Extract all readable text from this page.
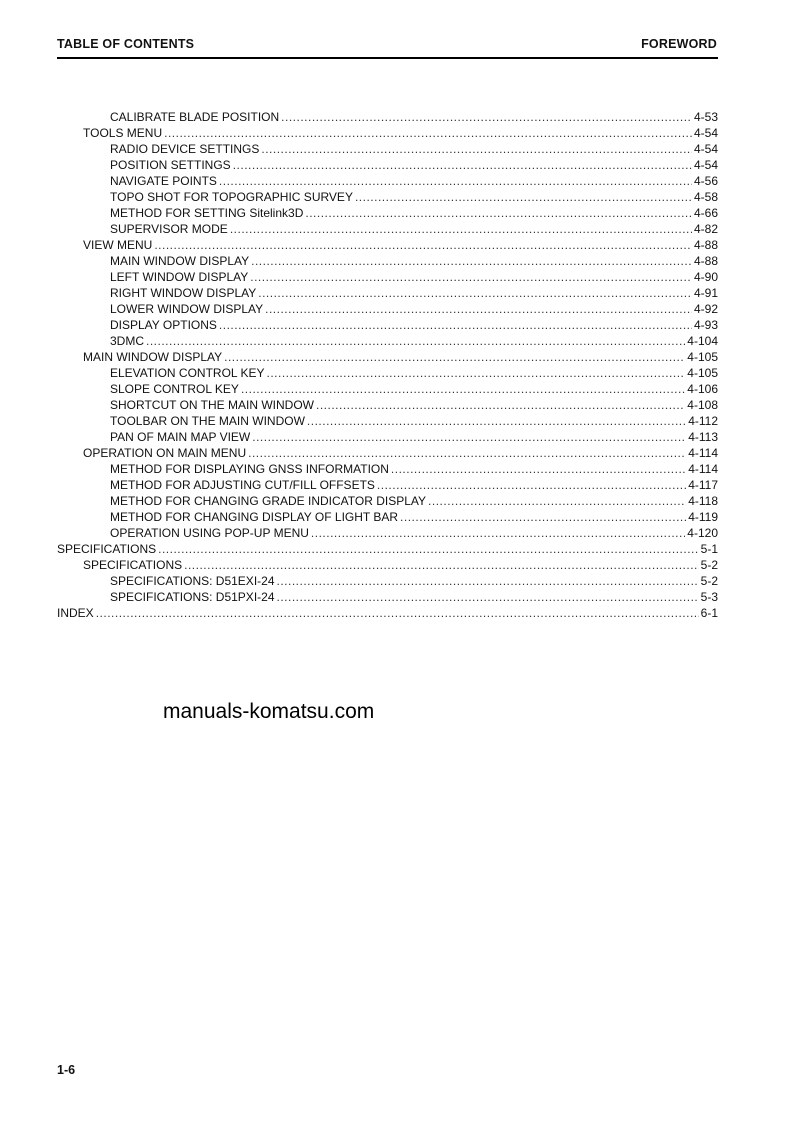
TABLE OF CONTENTS	FOREWORD
CALIBRATE BLADE POSITION .....	4-53
TOOLS MENU .....	4-54
RADIO DEVICE SETTINGS .....	4-54
POSITION SETTINGS .....	4-54
NAVIGATE POINTS .....	4-56
TOPO SHOT FOR TOPOGRAPHIC SURVEY .....	4-58
METHOD FOR SETTING Sitelink3D .....	4-66
SUPERVISOR MODE .....	4-82
VIEW MENU .....	4-88
MAIN WINDOW DISPLAY .....	4-88
LEFT WINDOW DISPLAY .....	4-90
RIGHT WINDOW DISPLAY .....	4-91
LOWER WINDOW DISPLAY .....	4-92
DISPLAY OPTIONS .....	4-93
3DMC .....	4-104
MAIN WINDOW DISPLAY .....	4-105
ELEVATION CONTROL KEY .....	4-105
SLOPE CONTROL KEY .....	4-106
SHORTCUT ON THE MAIN WINDOW .....	4-108
TOOLBAR ON THE MAIN WINDOW .....	4-112
PAN OF MAIN MAP VIEW .....	4-113
OPERATION ON MAIN MENU .....	4-114
METHOD FOR DISPLAYING GNSS INFORMATION .....	4-114
METHOD FOR ADJUSTING CUT/FILL OFFSETS .....	4-117
METHOD FOR CHANGING GRADE INDICATOR DISPLAY .....	4-118
METHOD FOR CHANGING DISPLAY OF LIGHT BAR .....	4-119
OPERATION USING POP-UP MENU .....	4-120
SPECIFICATIONS .....	5-1
SPECIFICATIONS .....	5-2
SPECIFICATIONS: D51EXI-24 .....	5-2
SPECIFICATIONS: D51PXI-24 .....	5-3
INDEX .....	6-1
manuals-komatsu.com
1-6
